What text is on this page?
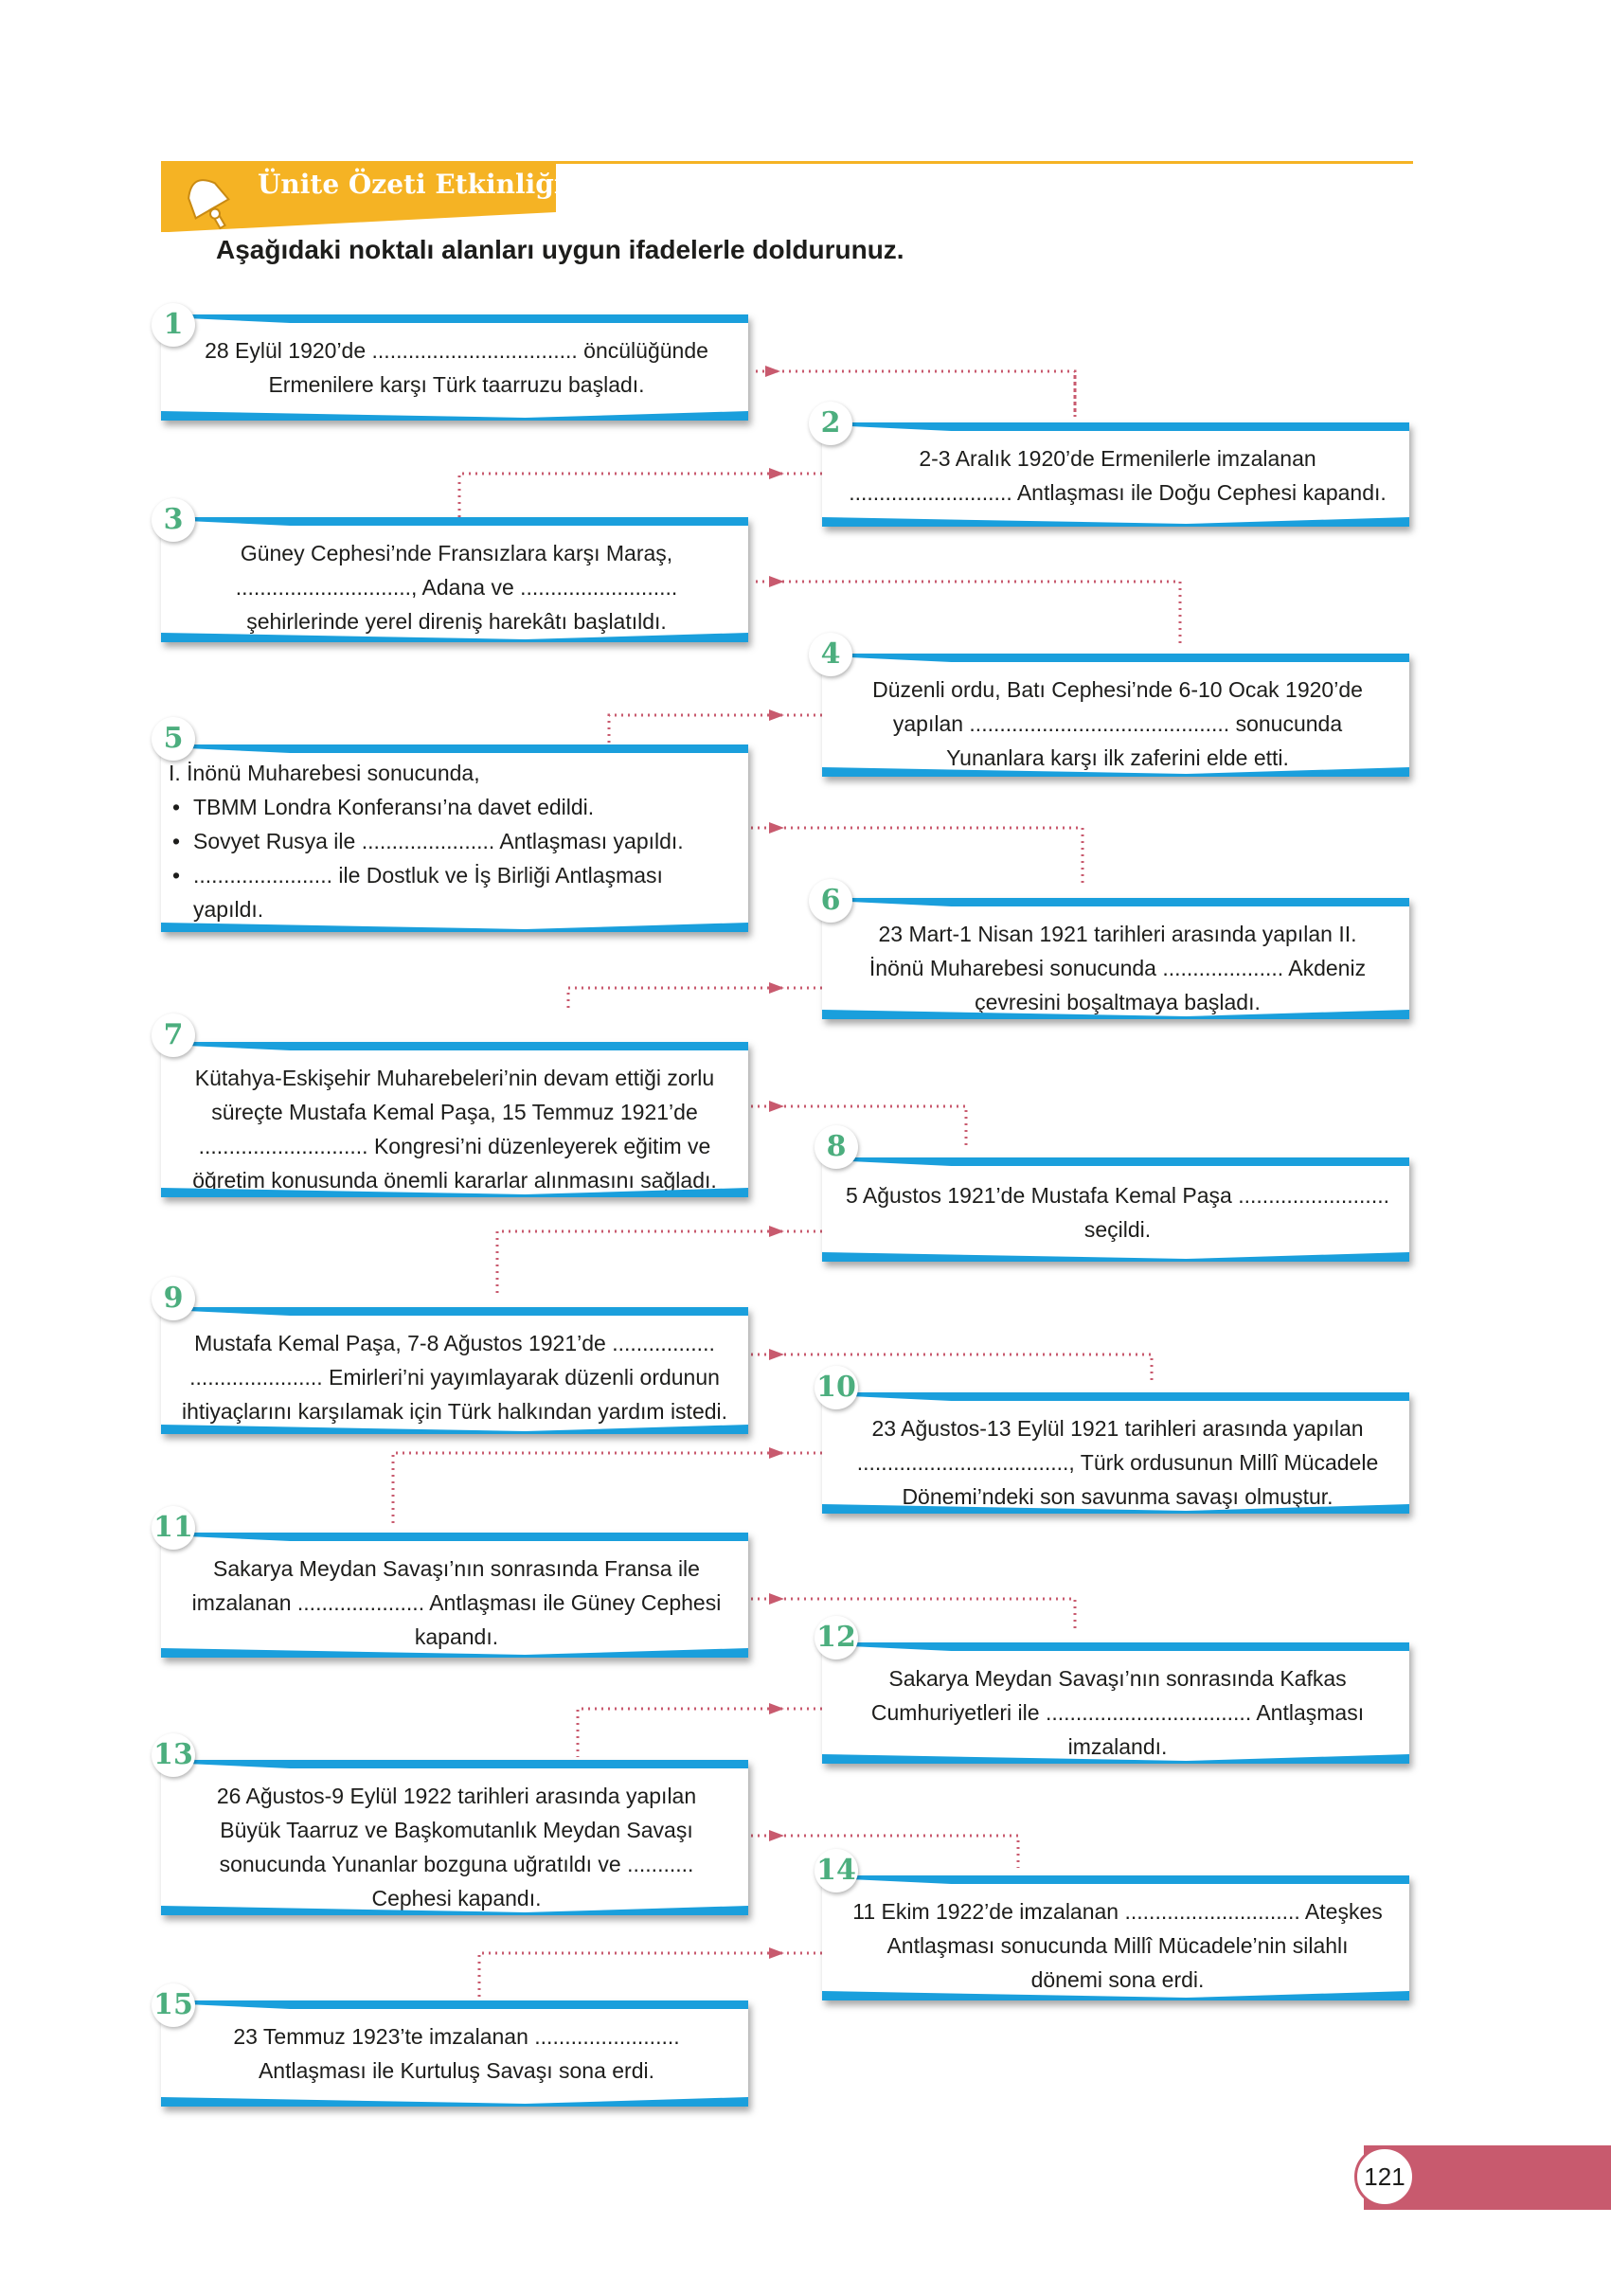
Ünite Özeti Etkinliği
Aşağıdaki noktalı alanları uygun ifadelerle doldurunuz.
28 Eylül 1920’de .................................. öncülüğünde
Ermenilere karşı Türk taarruzu başladı.
1
2-3 Aralık 1920’de Ermenilerle imzalanan
........................... Antlaşması ile Doğu Cephesi kapandı.
2
Güney Cephesi’nde Fransızlara karşı Maraş,
............................., Adana ve ..........................
şehirlerinde yerel direniş harekâtı başlatıldı.
3
Düzenli ordu, Batı Cephesi’nde 6-10 Ocak 1920’de
yapılan ........................................... sonucunda
Yunanlara karşı ilk zaferini elde etti.
4
I. İnönü Muharebesi sonucunda,
• TBMM Londra Konferansı’na davet edildi.
• Sovyet Rusya ile ...................... Antlaşması yapıldı.
• ....................... ile Dostluk ve İş Birliği Antlaşması yapıldı.
5
23 Mart-1 Nisan 1921 tarihleri arasında yapılan II.
İnönü Muharebesi sonucunda .................... Akdeniz
çevresini boşaltmaya başladı.
6
Kütahya-Eskişehir Muharebeleri’nin devam ettiği zorlu
süreçte Mustafa Kemal Paşa, 15 Temmuz 1921’de
............................ Kongresi’ni düzenleyerek eğitim ve
öğretim konusunda önemli kararlar alınmasını sağladı.
7
5 Ağustos 1921’de Mustafa Kemal Paşa .........................
seçildi.
8
Mustafa Kemal Paşa, 7-8 Ağustos 1921’de .................
...................... Emirleri’ni yayımlayarak düzenli ordunun
ihtiyaçlarını karşılamak için Türk halkından yardım istedi.
9
23 Ağustos-13 Eylül 1921 tarihleri arasında yapılan
..................................., Türk ordusunun Millî Mücadele
Dönemi’ndeki son savunma savaşı olmuştur.
10
Sakarya Meydan Savaşı’nın sonrasında Fransa ile
imzalanan ..................... Antlaşması ile Güney Cephesi
kapandı.
11
Sakarya Meydan Savaşı’nın sonrasında Kafkas
Cumhuriyetleri ile .................................. Antlaşması
imzalandı.
12
26 Ağustos-9 Eylül 1922 tarihleri arasında yapılan
Büyük Taarruz ve Başkomutanlık Meydan Savaşı
sonucunda Yunanlar bozguna uğratıldı ve ...........
Cephesi kapandı.
13
11 Ekim 1922’de imzalanan ............................. Ateşkes
Antlaşması sonucunda Millî Mücadele’nin silahlı
dönemi sona erdi.
14
23 Temmuz 1923’te imzalanan ........................
Antlaşması ile Kurtuluş Savaşı sona erdi.
15
121
